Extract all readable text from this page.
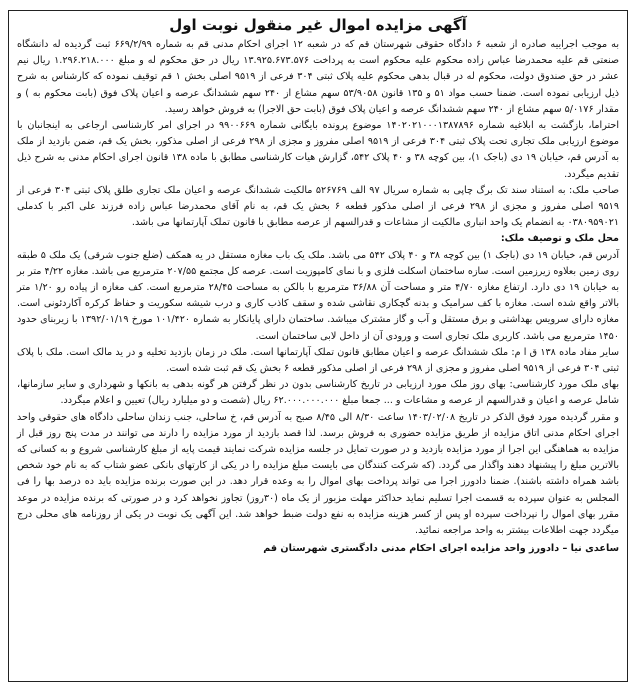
آگهی مزایده اموال غیر منقول نوبت اول

به موجب اجراییه صادره از شعبه ۶ دادگاه حقوقی شهرستان قم که در شعبه ۱۲ اجرای احکام مدنی قم به شماره ۶۶۹/۲/۹۹ ثبت گردیده له دانشگاه صنعتی قم علیه محمدرضا عباس زاده محکوم علیه محکوم است به پرداخت ۱۳.۹۲۵.۶۷۳.۵۷۶ ریال در حق محکوم له و مبلغ ۱.۲۹۶.۲۱۸.۰۰۰ ریال نیم عشر در حق صندوق دولت، محکوم له در قبال بدهی محکوم علیه پلاک ثبتی ۳۰۴ فرعی از ۹۵۱۹ اصلی بخش ۱ قم توقیف نموده که کارشناس به شرح ذیل ارزیابی نموده است. ضمنا حسب مواد ۵۱ و ۱۳۵ قانون ۵۳/۹۰۵۸ سهم مشاع از ۲۴۰ سهم ششدانگ عرصه و اعیان پلاک فوق (بابت محکوم به ) و مقدار ۵/۰۱۷۶ سهم مشاع از ۲۴۰ سهم ششدانگ عرصه و اعیان پلاک فوق (بابت حق الاجرا) به فروش خواهد رسید.

احتراما، بازگشت به ابلاغیه شماره ۱۴۰۲۰۲۱۰۰۰۱۳۸۷۸۹۶ موضوع پرونده بایگانی شماره ۹۹۰۰۶۶۹ در اجرای امر کارشناسی ارجاعی به اینجانبان با موضوع ارزیابی ملک تجاری تحت پلاک ثبتی ۳۰۴ فرعی از ۹۵۱۹ اصلی مفروز و مجزی از ۲۹۸ فرعی از اصلی مذکور، بخش یک قم، ضمن بازدید از ملک به آدرس قم، خیابان ۱۹ دی (باجک ۱)، بین کوچه ۳۸ و ۴۰ پلاک ۵۴۲، گزارش هیات کارشناسی مطابق با ماده ۱۳۸ قانون اجرای احکام مدنی به شرح ذیل تقدیم میگردد.

صاحب ملک: به استناد سند تک برگ چاپی به شماره سریال ۹۷ الف ۵۲۶۷۶۹ مالکیت ششدانگ عرصه و اعیان ملک تجاری طلق پلاک ثبتی ۳۰۴ فرعی از ۹۵۱۹ اصلی مفروز و مجزی از ۲۹۸ فرعی از اصلی مذکور قطعه ۶ بخش یک قم، به نام آقای محمدرضا عباس زاده فرزند علی اکبر با کدملی ۰۳۸۰۹۵۹۰۲۱ به انضمام یک واحد انباری مالکیت از مشاعات و قدرالسهم از عرصه مطابق با قانون تملک آپارتمانها می باشد.

محل ملک و توصیف ملک:

آدرس قم، خیابان ۱۹ دی (باجک ۱) بین کوچه ۳۸ و ۴۰ پلاک ۵۴۲ می باشد. ملک یک باب مغازه مستقل در یه همکف (ضلع جنوب شرقی) یک ملک ۵ طبقه روی زمین بعلاوه زیرزمین است. سازه ساختمان اسکلت فلزی و با نمای کامپوزیت است. عرصه کل مجتمع ۲۰۷/۵۵ مترمربع می باشد. مغازه ۴/۲۲ متر بر به خیابان ۱۹ دی دارد. ارتفاع مغازه ۴/۷۰ متر و مساحت آن ۳۶/۸۸ مترمربع با بالکن به مساحت ۲۸/۴۵ مترمربع است. کف مغازه از پیاده رو ۱/۲۰ متر بالاتر واقع شده است. مغازه با کف سرامیک و بدنه گچکاری نقاشی شده و سقف کاذب کاری و درب شیشه سکوریت و حفاظ کرکره آکاردئونی است. مغازه دارای سرویس بهداشتی و برق مستقل و آب و گاز مشترک میباشد. ساختمان دارای پایانکار به شماره ۱۰۱/۴۲۰ مورخ ۱۳۹۲/۰۱/۱۹ با زیربنای حدود ۱۴۵۰ مترمربع می باشد. کاربری ملک تجاری است و ورودی آن از داخل لابی ساختمان است.

سایر مفاد ماده ۱۳۸ ق ا م: ملک ششدانگ عرصه و اعیان مطابق قانون تملک آپارتمانها است. ملک در زمان بازدید تخلیه و در ید مالک است. ملک با پلاک ثبتی ۳۰۴ فرعی از ۹۵۱۹ اصلی مفروز و مجزی از ۲۹۸ فرعی از اصلی مذکور قطعه ۶ بخش یک قم ثبت شده است.

بهای ملک مورد کارشناسی: بهای روز ملک مورد ارزیابی در تاریخ کارشناسی بدون در نظر گرفتن هر گونه بدهی به بانکها و شهرداری و سایر سازمانها، شامل عرصه و اعیان و قدرالسهم از عرصه و مشاعات و ... جمعا مبلغ ۶۲.۰۰۰.۰۰۰.۰۰۰ ریال (شصت و دو میلیارد ریال) تعیین و اعلام میگردد.

و مقرر گردیده مورد فوق الذکر در تاریخ ۱۴۰۳/۰۲/۰۸ ساعت ۸/۳۰ الی ۸/۴۵ صبح به آدرس قم، خ ساحلی، جنب زندان ساحلی دادگاه های حقوقی واحد اجرای احکام مدنی اتاق مزایده از طریق مزایده حضوری به فروش برسد. لذا قصد بازدید از مورد مزایده را دارند می توانند در مدت پنج روز قبل از مزایده به هماهنگی این اجرا از مورد مزایده بازدید و در صورت تمایل در جلسه مزایده شرکت نمایند قیمت پایه از مبلغ کارشناسی شروع و به کسانی که بالاترین مبلغ را پیشنهاد دهند واگذار می گردد. (که شرکت کنندگان می بایست مبلغ مزایده را در یکی از کارتهای بانکی عضو شتاب که به نام خود شخص باشد همراه داشته باشند). ضمنا دادورز اجرا می تواند پرداخت بهای اموال را به وعده قرار دهد. در این صورت برنده مزایده باید ده درصد بها را فی المجلس به عنوان سپرده به قسمت اجرا تسلیم نماید حداکثر مهلت مزبور از یک ماه (۳۰روز) تجاوز نخواهد کرد و در صورتی که برنده مزایده در موعد مقرر بهای اموال را نپرداخت سپرده او پس از کسر هزینه مزایده به نفع دولت ضبط خواهد شد. این آگهی یک نوبت در یکی از روزنامه های محلی درج میگردد جهت اطلاعات بیشتر به واحد مراجعه نمائید.

ساعدی نیا – دادورز واحد مزایده اجرای احکام مدنی دادگستری شهرستان قم
